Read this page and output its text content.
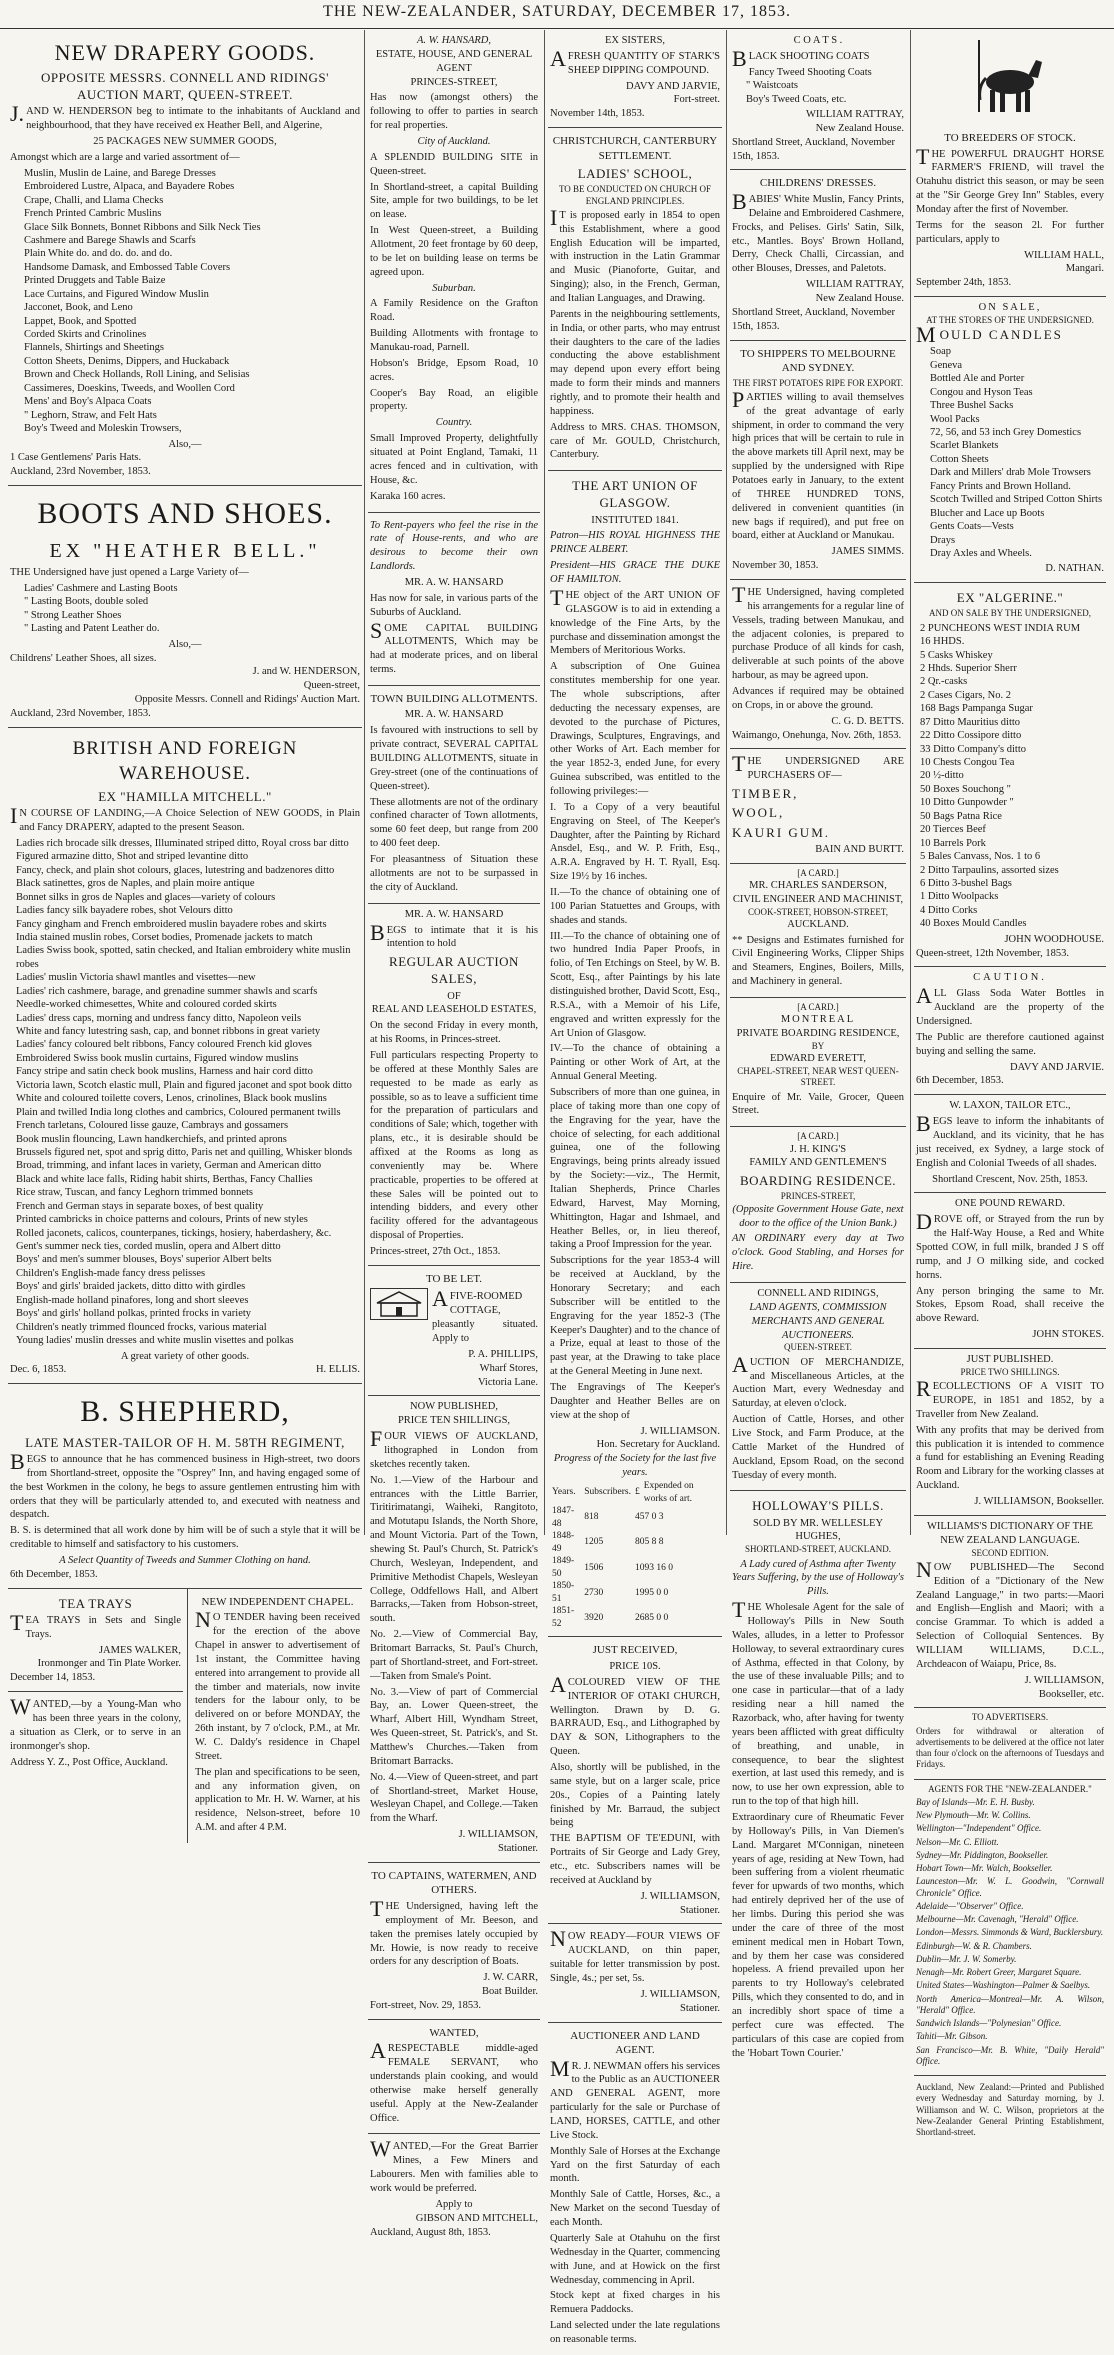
THE NEW-ZEALANDER, SATURDAY, DECEMBER 17, 1853.
NEW DRAPERY GOODS.
OPPOSITE MESSRS. CONNELL AND RIDINGS' AUCTION MART, QUEEN-STREET.

J.AND W. HENDERSON beg to intimate to the inhabitants of Auckland and neighbourhood, that they have received ex Heather Bell, and Algerine,

25 PACKAGES NEW SUMMER GOODS,

Amongst which are a large and varied assortment of—

Muslin, Muslin de Laine, and Barege Dresses
Embroidered Lustre, Alpaca, and Bayadere Robes
Crape, Challi, and Llama Checks
French Printed Cambric Muslins
Glace Silk Bonnets, Bonnet Ribbons and Silk Neck Ties
Cashmere and Barege Shawls and Scarfs
Plain White do. and do. do. and do.
Handsome Damask, and Embossed Table Covers
Printed Druggets and Table Baize
Lace Curtains, and Figured Window Muslin
Jacconet, Book, and Leno
Lappet, Book, and Spotted
Corded Skirts and Crinolines
Flannels, Shirtings and Sheetings
Cotton Sheets, Denims, Dippers, and Huckaback
Brown and Check Hollands, Roll Lining, and Selisias
Cassimeres, Doeskins, Tweeds, and Woollen Cord
Mens' and Boy's Alpaca Coats
" Leghorn, Straw, and Felt Hats
Boy's Tweed and Moleskin Trowsers,
Also,—
1 Case Gentlemens' Paris Hats.
Auckland, 23rd November, 1853.
BOOTS AND SHOES.
EX "HEATHER BELL."

THE Undersigned have just opened a Large Variety of—

Ladies' Cashmere and Lasting Boots
" Lasting Boots, double soled
" Strong Leather Shoes
" Lasting and Patent Leather do.
Also,—
Childrens' Leather Shoes, all sizes.
J. and W. HENDERSON,
Queen-street,
Opposite Messrs. Connell and Ridings' Auction Mart.
Auckland, 23rd November, 1853.
BRITISH AND FOREIGN WAREHOUSE.
EX "HAMILLA MITCHELL."

IN COURSE OF LANDING,—A Choice Selection of NEW GOODS, in Plain and Fancy DRAPERY, adapted to the present Season.

Ladies rich brocade silk dresses, Illuminated striped ditto, Royal cross bar ditto
Figured armazine ditto, Shot and striped levantine ditto
Fancy, check, and plain shot colours, glaces, lutestring and badzenores ditto
Black satinettes, gros de Naples, and plain moire antique
Bonnet silks in gros de Naples and glaces—variety of colours
Ladies fancy silk bayadere robes, shot Velours ditto
Fancy gingham and French embroidered muslin bayadere robes and skirts
India stained muslin robes, Corset bodies, Promenade jackets to match
Ladies Swiss book, spotted, satin checked, and Italian embroidery white muslin robes
Ladies' muslin Victoria shawl mantles and visettes—new
Ladies' rich cashmere, barage, and grenadine summer shawls and scarfs
Needle-worked chimesettes, White and coloured corded skirts
Ladies' dress caps, morning and undress fancy ditto, Napoleon veils
White and fancy lutestring sash, cap, and bonnet ribbons in great variety
Ladies' fancy coloured belt ribbons, Fancy coloured French kid gloves
Embroidered Swiss book muslin curtains, Figured window muslins
Fancy stripe and satin check book muslins, Harness and hair cord ditto
Victoria lawn, Scotch elastic mull, Plain and figured jaconet and spot book ditto
White and coloured toilette covers, Lenos, crinolines, Black book muslins
Plain and twilled India long clothes and cambrics, Coloured permanent twills
French tarletans, Coloured lisse gauze, Cambrays and gossamers
Book muslin flouncing, Lawn handkerchiefs, and printed aprons
Brussels figured net, spot and sprig ditto, Paris net and quilling, Whisker blonds
Broad, trimming, and infant laces in variety, German and American ditto
Black and white lace falls, Riding habit shirts, Berthas, Fancy Challies
Rice straw, Tuscan, and fancy Leghorn trimmed bonnets
French and German stays in separate boxes, of best quality
Printed cambricks in choice patterns and colours, Prints of new styles
Rolled jaconets, calicos, counterpanes, tickings, hosiery, haberdashery, &c.
Gent's summer neck ties, corded muslin, opera and Albert ditto
Boys' and men's summer blouses, Boys' superior Albert belts
Children's English-made fancy dress pelisses
Boys' and girls' braided jackets, ditto ditto with girdles
English-made holland pinafores, long and short sleeves
Boys' and girls' holland polkas, printed frocks in variety
Children's neatly trimmed flounced frocks, various material
Young ladies' muslin dresses and white muslin visettes and polkas
A great variety of other goods.
Dec. 6, 1853.	H. ELLIS.
B. SHEPHERD,
LATE MASTER-TAILOR OF H. M. 58TH REGIMENT,

BEGS to announce that he has commenced business in High-street, two doors from Shortland-street, opposite the "Osprey" Inn, and having engaged some of the best Workmen in the colony, he begs to assure gentlemen entrusting him with orders that they will be particularly attended to, and executed with neatness and despatch.

B. S. is determined that all work done by him will be of such a style that it will be creditable to himself and satisfactory to his customers.

A Select Quantity of Tweeds and Summer Clothing on hand.
6th December, 1853.
TEA TRAYS

TEA TRAYS in Sets and Single Trays.

JAMES WALKER,
Ironmonger and Tin Plate Worker.
December 14, 1853.

WANTED,—by a Young-Man who has been three years in the colony, a situation as Clerk, or to serve in an ironmonger's shop.

Address Y. Z., Post Office, Auckland.

NEW INDEPENDENT CHAPEL.

NO TENDER having been received for the erection of the above Chapel in answer to advertisement of 1st instant, the Committee having entered into arrangement to provide all the timber and materials, now invite tenders for the labour only, to be delivered on or before MONDAY, the 26th instant, by 7 o'clock, P.M., at Mr. W. C. Daldy's residence in Chapel Street.

The plan and specifications to be seen, and any information given, on application to Mr. H. W. Warner, at his residence, Nelson-street, before 10 A.M. and after 4 P.M.

A. W. HANSARD,
ESTATE, HOUSE, AND GENERAL AGENT
PRINCES-STREET,

Has now (amongst others) the following to offer to parties in search for real properties.

City of Auckland.

A SPLENDID BUILDING SITE in Queen-street.

In Shortland-street, a capital Building Site, ample for two buildings, to be let on lease.

In West Queen-street, a Building Allotment, 20 feet frontage by 60 deep, to be let on building lease on terms be agreed upon.

Suburban.

A Family Residence on the Grafton Road.

Building Allotments with frontage to Manukau-road, Parnell.

Hobson's Bridge, Epsom Road, 10 acres.

Cooper's Bay Road, an eligible property.

Country.

Small Improved Property, delightfully situated at Point England, Tamaki, 11 acres fenced and in cultivation, with House, &c.

Karaka 160 acres.

To Rent-payers who feel the rise in the rate of House-rents, and who are desirous to become their own Landlords.

MR. A. W. HANSARD

Has now for sale, in various parts of the Suburbs of Auckland.

SOME CAPITAL BUILDING ALLOTMENTS, Which may be had at moderate prices, and on liberal terms.

TOWN BUILDING ALLOTMENTS.
MR. A. W. HANSARD

Is favoured with instructions to sell by private contract, SEVERAL CAPITAL BUILDING ALLOTMENTS, situate in Grey-street (one of the continuations of Queen-street).

These allotments are not of the ordinary confined character of Town allotments, some 60 feet deep, but range from 200 to 400 feet deep.

For pleasantness of Situation these allotments are not to be surpassed in the city of Auckland.

MR. A. W. HANSARD

BEGS to intimate that it is his intention to hold

REGULAR AUCTION SALES,
OF
REAL AND LEASEHOLD ESTATES,

On the second Friday in every month, at his Rooms, in Princes-street.

Full particulars respecting Property to be offered at these Monthly Sales are requested to be made as early as possible, so as to leave a sufficient time for the preparation of particulars and conditions of Sale; which, together with plans, etc., it is desirable should be affixed at the Rooms as long as conveniently may be. Where practicable, properties to be offered at these Sales will be pointed out to intending bidders, and every other facility offered for the advantageous disposal of Properties.

Princes-street, 27th Oct., 1853.
TO BE LET.

AFIVE-ROOMED COTTAGE, pleasantly situated. Apply to

P. A. PHILLIPS,
Wharf Stores,
Victoria Lane.
NOW PUBLISHED,
PRICE TEN SHILLINGS,

FOUR VIEWS OF AUCKLAND, lithographed in London from sketches recently taken.

No. 1.—View of the Harbour and entrances with the Little Barrier, Tiritirimatangi, Waiheki, Rangitoto, and Motutapu Islands, the North Shore, and Mount Victoria. Part of the Town, shewing St. Paul's Church, St. Patrick's Church, Wesleyan, Independent, and Primitive Methodist Chapels, Wesleyan College, Oddfellows Hall, and Albert Barracks,—Taken from Hobson-street, south.

No. 2.—View of Commercial Bay, Britomart Barracks, St. Paul's Church, part of Shortland-street, and Fort-street.—Taken from Smale's Point.

No. 3.—View of part of Commercial Bay, an. Lower Queen-street, the Wharf, Albert Hill, Wyndham Street, Wes Queen-street, St. Patrick's, and St. Matthew's Churches.—Taken from Britomart Barracks.

No. 4.—View of Queen-street, and part of Shortland-street, Market House, Wesleyan Chapel, and College.—Taken from the Wharf.

J. WILLIAMSON,
Stationer.
TO CAPTAINS, WATERMEN, AND OTHERS.

THE Undersigned, having left the employment of Mr. Beeson, and taken the premises lately occupied by Mr. Howie, is now ready to receive orders for any description of Boats.

J. W. CARR,
Boat Builder.
Fort-street, Nov. 29, 1853.
WANTED,

ARESPECTABLE middle-aged FEMALE SERVANT, who understands plain cooking, and would otherwise make herself generally useful. Apply at the New-Zealander Office.

WANTED,—For the Great Barrier Mines, a Few Miners and Labourers. Men with families able to work would be preferred.

Apply to
GIBSON AND MITCHELL,
Auckland, August 8th, 1853.
EX SISTERS,

AFRESH QUANTITY OF STARK'S SHEEP DIPPING COMPOUND.

DAVY AND JARVIE,
Fort-street.
November 14th, 1853.
CHRISTCHURCH, CANTERBURY SETTLEMENT.
LADIES' SCHOOL,
TO BE CONDUCTED ON CHURCH OF ENGLAND PRINCIPLES.

IT is proposed early in 1854 to open this Establishment, where a good English Education will be imparted, with instruction in the Latin Grammar and Music (Pianoforte, Guitar, and Singing); also, in the French, German, and Italian Languages, and Drawing.

Parents in the neighbouring settlements, in India, or other parts, who may entrust their daughters to the care of the ladies conducting the above establishment may depend upon every effort being made to form their minds and manners rightly, and to promote their health and happiness.

Address to MRS. CHAS. THOMSON, care of Mr. GOULD, Christchurch, Canterbury.

THE ART UNION OF GLASGOW.
INSTITUTED 1841.

Patron—HIS ROYAL HIGHNESS THE PRINCE ALBERT.

President—HIS GRACE THE DUKE OF HAMILTON.

THE object of the ART UNION OF GLASGOW is to aid in extending a knowledge of the Fine Arts, by the purchase and dissemination amongst the Members of Meritorious Works.

A subscription of One Guinea constitutes membership for one year. The whole subscriptions, after deducting the necessary expenses, are devoted to the purchase of Pictures, Drawings, Sculptures, Engravings, and other Works of Art. Each member for the year 1852-3, ended June, for every Guinea subscribed, was entitled to the following privileges:—

I. To a Copy of a very beautiful Engraving on Steel, of The Keeper's Daughter, after the Painting by Richard Ansdel, Esq., and W. P. Frith, Esq., A.R.A. Engraved by H. T. Ryall, Esq. Size 19½ by 16 inches.

II.—To the chance of obtaining one of 100 Parian Statuettes and Groups, with shades and stands.

III.—To the chance of obtaining one of two hundred India Paper Proofs, in folio, of Ten Etchings on Steel, by W. B. Scott, Esq., after Paintings by his late distinguished brother, David Scott, Esq., R.S.A., with a Memoir of his Life, engraved and written expressly for the Art Union of Glasgow.

IV.—To the chance of obtaining a Painting or other Work of Art, at the Annual General Meeting.

Subscribers of more than one guinea, in place of taking more than one copy of the Engraving for the year, have the choice of selecting, for each additional guinea, one of the following Engravings, being prints already issued by the Society:—viz., The Hermit, Italian Shepherds, Prince Charles Edward, Harvest, May Morning, Whittington, Hagar and Ishmael, and Heather Belles, or, in lieu thereof, taking a Proof Impression for the year.

Subscriptions for the year 1853-4 will be received at Auckland, by the Honorary Secretary; and each Subscriber will be entitled to the Engraving for the year 1852-3 (The Keeper's Daughter) and to the chance of a Prize, equal at least to those of the past year, at the Drawing to take place at the General Meeting in June next.

The Engravings of The Keeper's Daughter and Heather Belles are on view at the shop of

J. WILLIAMSON.
Hon. Secretary for Auckland.
Progress of the Society for the last five years.
Years.	Subscribers.	£	Expended on works of art.
1847-48	818	457 0 3	
1848-49	1205	805 8 8	
1849-50	1506	1093 16 0	
1850-51	2730	1995 0 0	
1851-52	3920	2685 0 0	
JUST RECEIVED,
PRICE 10S.

ACOLOURED VIEW OF THE INTERIOR OF OTAKI CHURCH, Wellington. Drawn by D. G. BARRAUD, Esq., and Lithographed by DAY & SON, Lithographers to the Queen.

Also, shortly will be published, in the same style, but on a larger scale, price 20s., Copies of a Painting lately finished by Mr. Barraud, the subject being

THE BAPTISM OF TE'EDUNI, with Portraits of Sir George and Lady Grey, etc., etc. Subscribers names will be received at Auckland by

J. WILLIAMSON,
Stationer.

NOW READY—FOUR VIEWS OF AUCKLAND, on thin paper, suitable for letter transmission by post. Single, 4s.; per set, 5s.

J. WILLIAMSON,
Stationer.
AUCTIONEER AND LAND AGENT.

MR. J. NEWMAN offers his services to the Public as an AUCTIONEER AND GENERAL AGENT, more particularly for the sale or Purchase of LAND, HORSES, CATTLE, and other Live Stock.

Monthly Sale of Horses at the Exchange Yard on the first Saturday of each month.

Monthly Sale of Cattle, Horses, &c., a New Market on the second Tuesday of each Month.

Quarterly Sale at Otahuhu on the first Wednesday in the Quarter, commencing with June, and at Howick on the first Wednesday, commencing in April.

Stock kept at fixed charges in his Remuera Paddocks.

Land selected under the late regulations on reasonable terms.

C O A T S .

BLACK SHOOTING COATS

Fancy Tweed Shooting Coats
" Waistcoats
Boy's Tweed Coats, etc.
WILLIAM RATTRAY,
New Zealand House.
Shortland Street, Auckland, November 15th, 1853.
CHILDRENS' DRESSES.

BABIES' White Muslin, Fancy Prints, Delaine and Embroidered Cashmere, Frocks, and Pelises. Girls' Satin, Silk, etc., Mantles. Boys' Brown Holland, Derry, Check Challi, Circassian, and other Blouses, Dresses, and Paletots.

WILLIAM RATTRAY,
New Zealand House.
Shortland Street, Auckland, November 15th, 1853.
TO SHIPPERS TO MELBOURNE AND SYDNEY.
THE FIRST POTATOES RIPE FOR EXPORT.

PARTIES willing to avail themselves of the great advantage of early shipment, in order to command the very high prices that will be certain to rule in the above markets till April next, may be supplied by the undersigned with Ripe Potatoes early in January, to the extent of THREE HUNDRED TONS, delivered in convenient quantities (in new bags if required), and put free on board, either at Auckland or Manukau.

JAMES SIMMS.
November 30, 1853.

THE Undersigned, having completed his arrangements for a regular line of Vessels, trading between Manukau, and the adjacent colonies, is prepared to purchase Produce of all kinds for cash, deliverable at such points of the above harbour, as may be agreed upon.

Advances if required may be obtained on Crops, in or above the ground.

C. G. D. BETTS.
Waimango, Onehunga, Nov. 26th, 1853.

THE UNDERSIGNED ARE PURCHASERS OF—

TIMBER,

WOOL,

KAURI GUM.

BAIN AND BURTT.
[A CARD.]
MR. CHARLES SANDERSON,
CIVIL ENGINEER AND MACHINIST,
COOK-STREET, HOBSON-STREET,
AUCKLAND.

** Designs and Estimates furnished for Civil Engineering Works, Clipper Ships and Steamers, Engines, Boilers, Mills, and Machinery in general.

[A CARD.]
MONTREAL
PRIVATE BOARDING RESIDENCE,
BY
EDWARD EVERETT,
CHAPEL-STREET, NEAR WEST QUEEN-STREET.

Enquire of Mr. Vaile, Grocer, Queen Street.

[A CARD.]
J. H. KING'S
FAMILY AND GENTLEMEN'S
BOARDING RESIDENCE.
PRINCES-STREET,
(Opposite Government House Gate, next door to the office of the Union Bank.)

AN ORDINARY every day at Two o'clock. Good Stabling, and Horses for Hire.

CONNELL AND RIDINGS,
LAND AGENTS, COMMISSION MERCHANTS AND GENERAL AUCTIONEERS.
QUEEN-STREET.

AUCTION OF MERCHANDIZE, and Miscellaneous Articles, at the Auction Mart, every Wednesday and Saturday, at eleven o'clock.

Auction of Cattle, Horses, and other Live Stock, and Farm Produce, at the Cattle Market of the Hundred of Auckland, Epsom Road, on the second Tuesday of every month.

HOLLOWAY'S PILLS.
SOLD BY MR. WELLESLEY HUGHES,
SHORTLAND-STREET, AUCKLAND.

A Lady cured of Asthma after Twenty Years Suffering, by the use of Holloway's Pills.

THE Wholesale Agent for the sale of Holloway's Pills in New South Wales, alludes, in a letter to Professor Holloway, to several extraordinary cures of Asthma, effected in that Colony, by the use of these invaluable Pills; and to one case in particular—that of a lady residing near a hill named the Razorback, who, after having for twenty years been afflicted with great difficulty of breathing, and unable, in consequence, to bear the slightest exertion, at last used this remedy, and is now, to use her own expression, able to run to the top of that high hill.

Extraordinary cure of Rheumatic Fever by Holloway's Pills, in Van Diemen's Land. Margaret M'Connigan, nineteen years of age, residing at New Town, had been suffering from a violent rheumatic fever for upwards of two months, which had entirely deprived her of the use of her limbs. During this period she was under the care of three of the most eminent medical men in Hobart Town, and by them her case was considered hopeless. A friend prevailed upon her parents to try Holloway's celebrated Pills, which they consented to do, and in an incredibly short space of time a perfect cure was effected. The particulars of this case are copied from the 'Hobart Town Courier.'

TO BREEDERS OF STOCK.

THE POWERFUL DRAUGHT HORSE FARMER'S FRIEND, will travel the Otahuhu district this season, or may be seen at the "Sir George Grey Inn" Stables, every Monday after the first of November.

Terms for the season 2l. For further particulars, apply to

WILLIAM HALL,
Mangari.
September 24th, 1853.
ON SALE,
AT THE STORES OF THE UNDERSIGNED.
MOULD CANDLES
Soap
Geneva
Bottled Ale and Porter
Congou and Hyson Teas
Three Bushel Sacks
Wool Packs
72, 56, and 53 inch Grey Domestics
Scarlet Blankets
Cotton Sheets
Dark and Millers' drab Mole Trowsers
Fancy Prints and Brown Holland.
Scotch Twilled and Striped Cotton Shirts
Blucher and Lace up Boots
Gents Coats—Vests
Drays
Dray Axles and Wheels.
D. NATHAN.
EX "ALGERINE."
AND ON SALE BY THE UNDERSIGNED,
2 PUNCHEONS WEST INDIA RUM
16 HHDS.
5 Casks Whiskey
2 Hhds. Superior Sherr
2 Qr.-casks
2 Cases Cigars, No. 2
168 Bags Pampanga Sugar
87 Ditto Mauritius ditto
22 Ditto Cossipore ditto
33 Ditto Company's ditto
10 Chests Congou Tea
20 ½-ditto
50 Boxes Souchong "
10 Ditto Gunpowder "
50 Bags Patna Rice
20 Tierces Beef
10 Barrels Pork
5 Bales Canvass, Nos. 1 to 6
2 Ditto Tarpaulins, assorted sizes
6 Ditto 3-bushel Bags
1 Ditto Woolpacks
4 Ditto Corks
40 Boxes Mould Candles
JOHN WOODHOUSE.
Queen-street, 12th November, 1853.
CAUTION.

ALL Glass Soda Water Bottles in Auckland are the property of the Undersigned.

The Public are therefore cautioned against buying and selling the same.

DAVY AND JARVIE.
6th December, 1853.
W. LAXON, TAILOR ETC.,

BEGS leave to inform the inhabitants of Auckland, and its vicinity, that he has just received, ex Sydney, a large stock of English and Colonial Tweeds of all shades.

Shortland Crescent, Nov. 25th, 1853.
ONE POUND REWARD.

DROVE off, or Strayed from the run by the Half-Way House, a Red and White Spotted COW, in full milk, branded J S off rump, and J O milking side, and cocked horns.

Any person bringing the same to Mr. Stokes, Epsom Road, shall receive the above Reward.

JOHN STOKES.
JUST PUBLISHED.
PRICE TWO SHILLINGS.

RECOLLECTIONS OF A VISIT TO EUROPE, in 1851 and 1852, by a Traveller from New Zealand.

With any profits that may be derived from this publication it is intended to commence a fund for establishing an Evening Reading Room and Library for the working classes at Auckland.

J. WILLIAMSON, Bookseller.
WILLIAMS'S DICTIONARY OF THE NEW ZEALAND LANGUAGE.
SECOND EDITION.

NOW PUBLISHED—The Second Edition of a "Dictionary of the New Zealand Language," in two parts:—Maori and English—English and Maori; with a concise Grammar. To which is added a Selection of Colloquial Sentences. By WILLIAM WILLIAMS, D.C.L., Archdeacon of Waiapu, Price, 8s.

J. WILLIAMSON,
Bookseller, etc.
TO ADVERTISERS.

Orders for withdrawal or alteration of advertisements to be delivered at the office not later than four o'clock on the afternoons of Tuesdays and Fridays.

AGENTS FOR THE "NEW-ZEALANDER."

Bay of Islands—Mr. E. H. Busby.

New Plymouth—Mr. W. Collins.

Wellington—"Independent" Office.

Nelson—Mr. C. Elliott.

Sydney—Mr. Piddington, Bookseller.

Hobart Town—Mr. Walch, Bookseller.

Launceston—Mr. W. L. Goodwin, "Cornwall Chronicle" Office.

Adelaide—"Observer" Office.

Melbourne—Mr. Cavenagh, "Herald" Office.

London—Messrs. Simmonds & Ward, Bucklersbury.

Edinburgh—W. & R. Chambers.

Dublin—Mr. J. W. Somerby.

Nenagh—Mr. Robert Greer, Margaret Square.

United States—Washington—Palmer & Saelbys.

North America—Montreal—Mr. A. Wilson, "Herald" Office.

Sandwich Islands—"Polynesian" Office.

Tahiti—Mr. Gibson.

San Francisco—Mr. B. White, "Daily Herald" Office.

Auckland, New Zealand:—Printed and Published every Wednesday and Saturday morning, by J. Williamson and W. C. Wilson, proprietors at the New-Zealander General Printing Establishment, Shortland-street.
